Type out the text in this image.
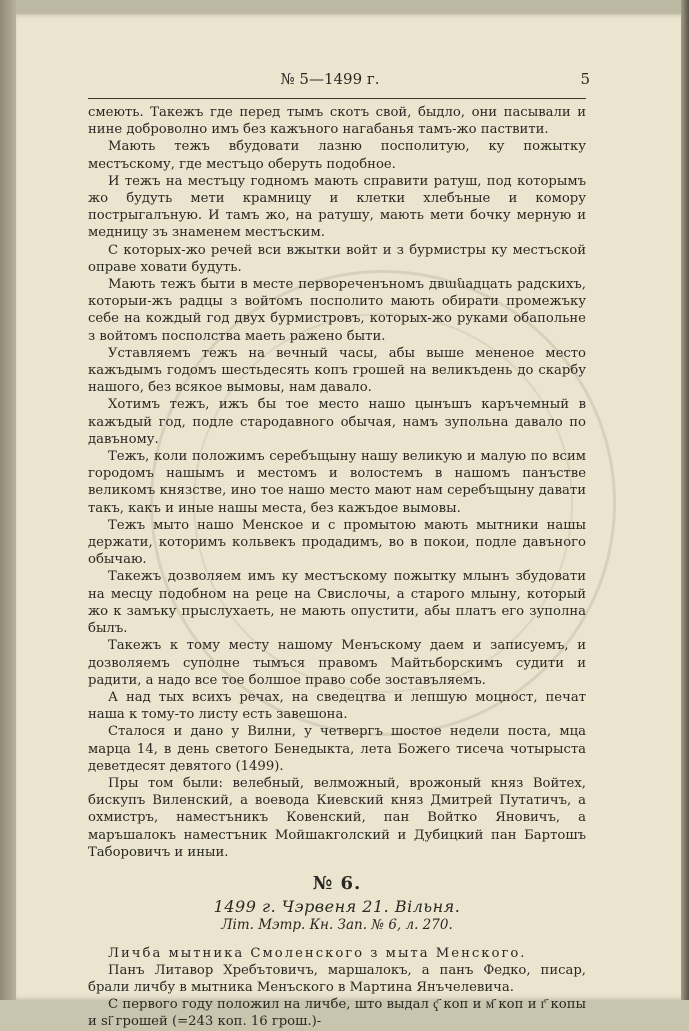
№ 5—1499 г.	5

смеють. Такежъ где перед тымъ скотъ свой, быдло, они пасывали и нине доброволно имъ без кажъного нагабанья тамъ-жо паствити.

Мають тежъ вбудовати лазню посполитую, ку пожытку местъскому, где местъцо оберуть подобное.

И тежъ на местъцу годномъ мають справити ратуш, под которымъ жо будуть мети крамницу и клетки хлебъные и комору пострыгалъную. И тамъ жо, на ратушу, мають мети бочку мерную и медницу зъ знаменем местъским.

С которых-жо речей вси вжытки войт и з бурмистры ку местъской оправе ховати будуть.

Мають тежъ быти в месте первореченъномъ двանадцать радскихъ, которыи-жъ радцы з войтомъ посполито мають обирати промежъку себе на кождый год двух бурмистровъ, которых-жо руками обапольне з войтомъ посполства маеть ражено быти.

Уставляемъ тежъ на вечный часы, абы выше мененое место кажъдымъ годомъ шестьдесять копъ грошей на великъдень до скарбу нашого, без всякое вымовы, нам давало.

Хотимъ тежъ, ижъ бы тое место нашо цынъшъ каръчемный в кажъдый год, подле стародавного обычая, намъ зупольна давало по давъному.

Тежъ, коли положимъ серебъщыну нашу великую и малую по всим городомъ нашымъ и местомъ и волостемъ в нашомъ панъстве великомъ князстве, ино тое нашо место мают нам серебъщыну давати такъ, какъ и иные нашы места, без кажъдое вымовы.

Тежъ мыто нашо Менское и с промытою мають мытники нашы держати, которимъ кольвекъ продадимъ, во в покои, подле давъного обычаю.

Такежъ дозволяем имъ ку местъскому пожытку млынъ збудовати на месцу подобном на реце на Свислочы, а старого млыну, который жо к замъку прыслухаеть, не мають опустити, абы платъ его зуполна былъ.

Такежъ к тому месту нашому Менъскому даем и записуемъ, и дозволяемъ суполне тымъся правомъ Майтьборскимъ судити и радити, а надо все тое болшое право собе зоставъляемъ.

А над тых всихъ речах, на сведецтва и лепшую моцност, печат наша к тому-то листу есть завешона.

Сталося и дано у Вилни, у четвергъ шостое недели поста, мца марца 14, в день светого Бенедыкта, лета Божего тисеча чотырыста деветдесят девятого (1499).

Пры том были: велебный, велможный, врожоный княз Войтех, бискупъ Виленский, а воевода Киевский княз Дмитрей Путатичъ, а охмистръ, наместъникъ Ковенский, пан Войтко Яновичъ, а маръшалокъ наместъник Мойшакголский и Дубицкий пан Бартошъ Таборовичъ и иныи.

№ 6.
1499 г. Чэрвеня 21. Вільня.
Літ. Мэтр. Кн. Зап. № 6, л. 270.

Личба мытника Смоленского з мыта Менского.

Панъ Литавор Хребътовичъ, маршалокъ, а панъ Федко, писар, брали личбу в мытника Менъского в Мартина Янъчелевича.

С первого году положил на личбе, што выдал ҁ҃ коп и м҃ коп и г҃ копы и ѕі҃ грошей (=243 коп. 16 грош.)-
